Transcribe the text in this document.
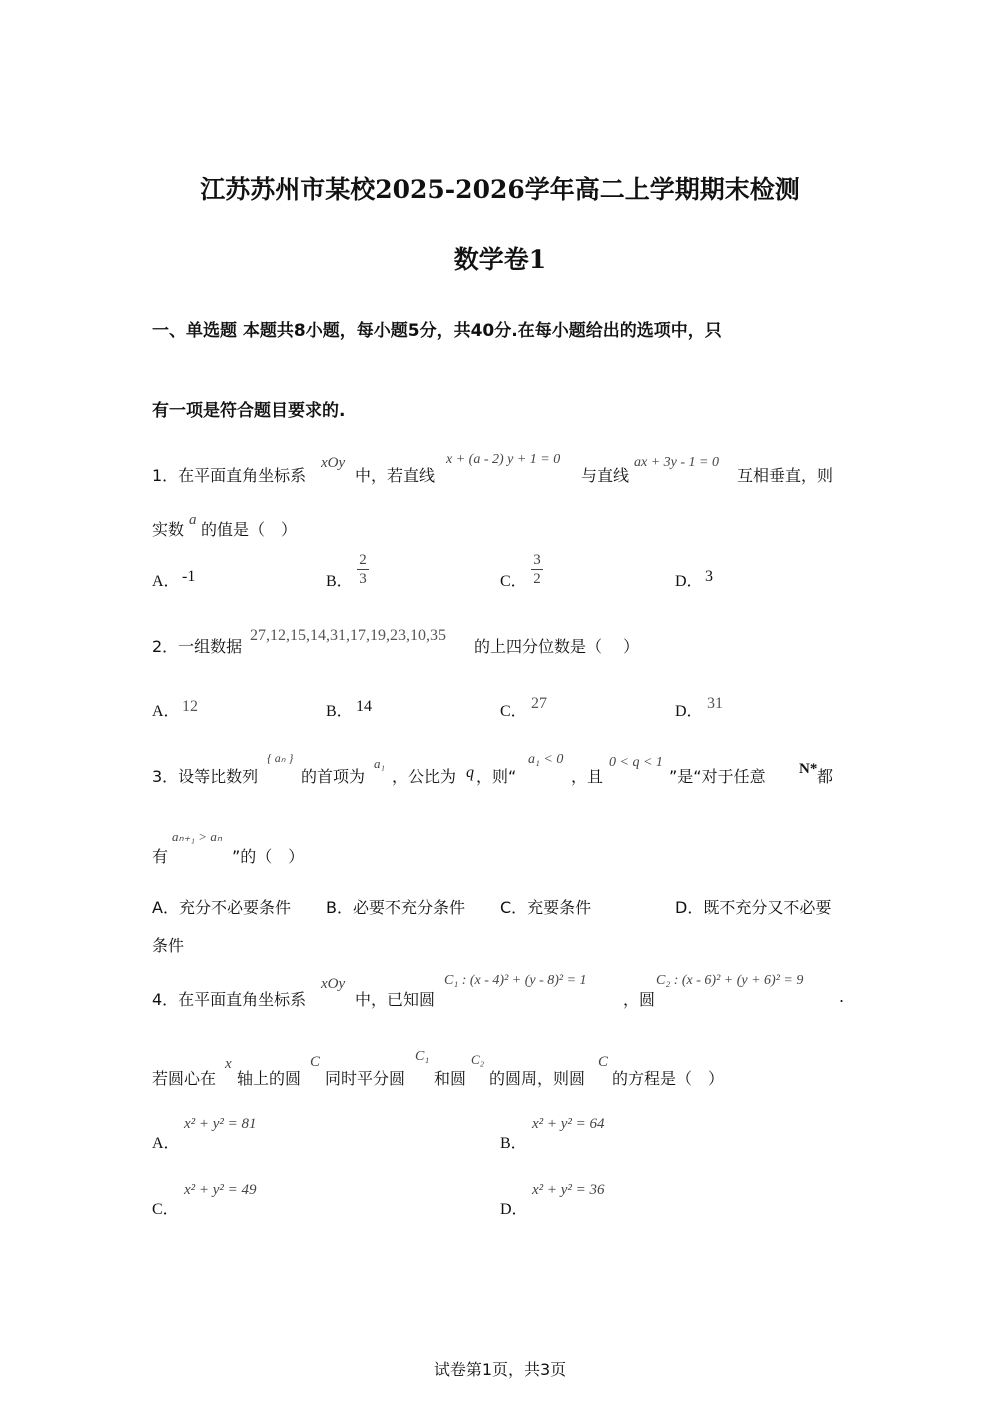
江苏苏州市某校2025-2026学年高二上学期期末检测
数学卷1
一、单选题 本题共8小题，每小题5分，共40分.在每小题给出的选项中，只
有一项是符合题目要求的.
1．在平面直角坐标系
xOy
中，若直线
x + (a - 2) y + 1 = 0
与直线
ax + 3y - 1 = 0
互相垂直，则
实数 a 的值是（　）
A． -1	B．
2
3	C．
3
2	D． 3
2．一组数据
27,12,15,14,31,17,19,23,10,35
的上四分位数是（　 ）
A． 12	B． 14	C． 27	D． 31
3．设等比数列
{ aₙ }
的首项为
a₁
，公比为 q ，则“
a₁ < 0
，且
0 < q < 1
”是“对于任意 N* 都
有
aₙ₊₁ > aₙ
”的（　）
A．充分不必要条件 B．必要不充分条件 C．充要条件	D．既不充分又不必要
条件
4．在平面直角坐标系
xOy
中，已知圆
C₁ : (x - 4)² + (y - 8)² = 1
，圆
C₂ : (x - 6)² + (y + 6)² = 9
.
若圆心在
x
轴上的圆
C
同时平分圆
C₁
和圆
C₂
的圆周，则圆
C
的方程是（　）
A．
x² + y² = 81
B．
x² + y² = 64
C．
x² + y² = 49
D．
x² + y² = 36
试卷第1页，共3页
